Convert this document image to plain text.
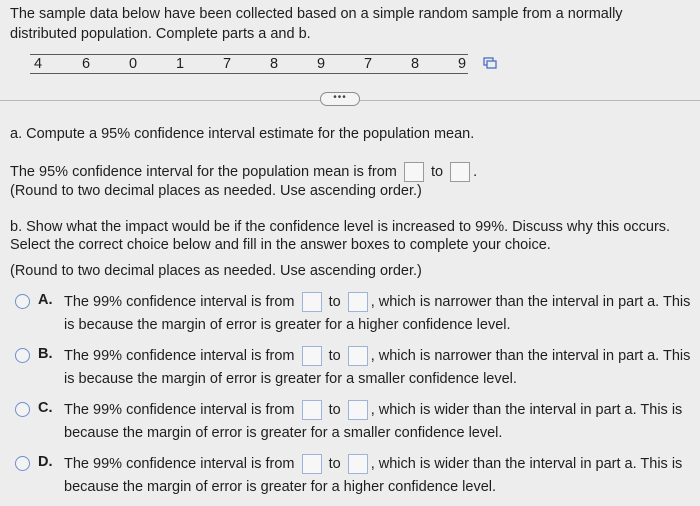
The sample data below have been collected based on a simple random sample from a normally
distributed population. Complete parts a and b.
4	6	0	1	7	8	9	7	8	9
•••
a. Compute a 95% confidence interval estimate for the population mean.
The 95% confidence interval for the population mean is from to .
(Round to two decimal places as needed. Use ascending order.)
b. Show what the impact would be if the confidence level is increased to 99%. Discuss why this occurs.
Select the correct choice below and fill in the answer boxes to complete your choice.
(Round to two decimal places as needed. Use ascending order.)
A. The 99% confidence interval is from to , which is narrower than the interval in part a. This
is because the margin of error is greater for a higher confidence level.
B. The 99% confidence interval is from to , which is narrower than the interval in part a. This
is because the margin of error is greater for a smaller confidence level.
C. The 99% confidence interval is from to , which is wider than the interval in part a. This is
because the margin of error is greater for a smaller confidence level.
D. The 99% confidence interval is from to , which is wider than the interval in part a. This is
because the margin of error is greater for a higher confidence level.
